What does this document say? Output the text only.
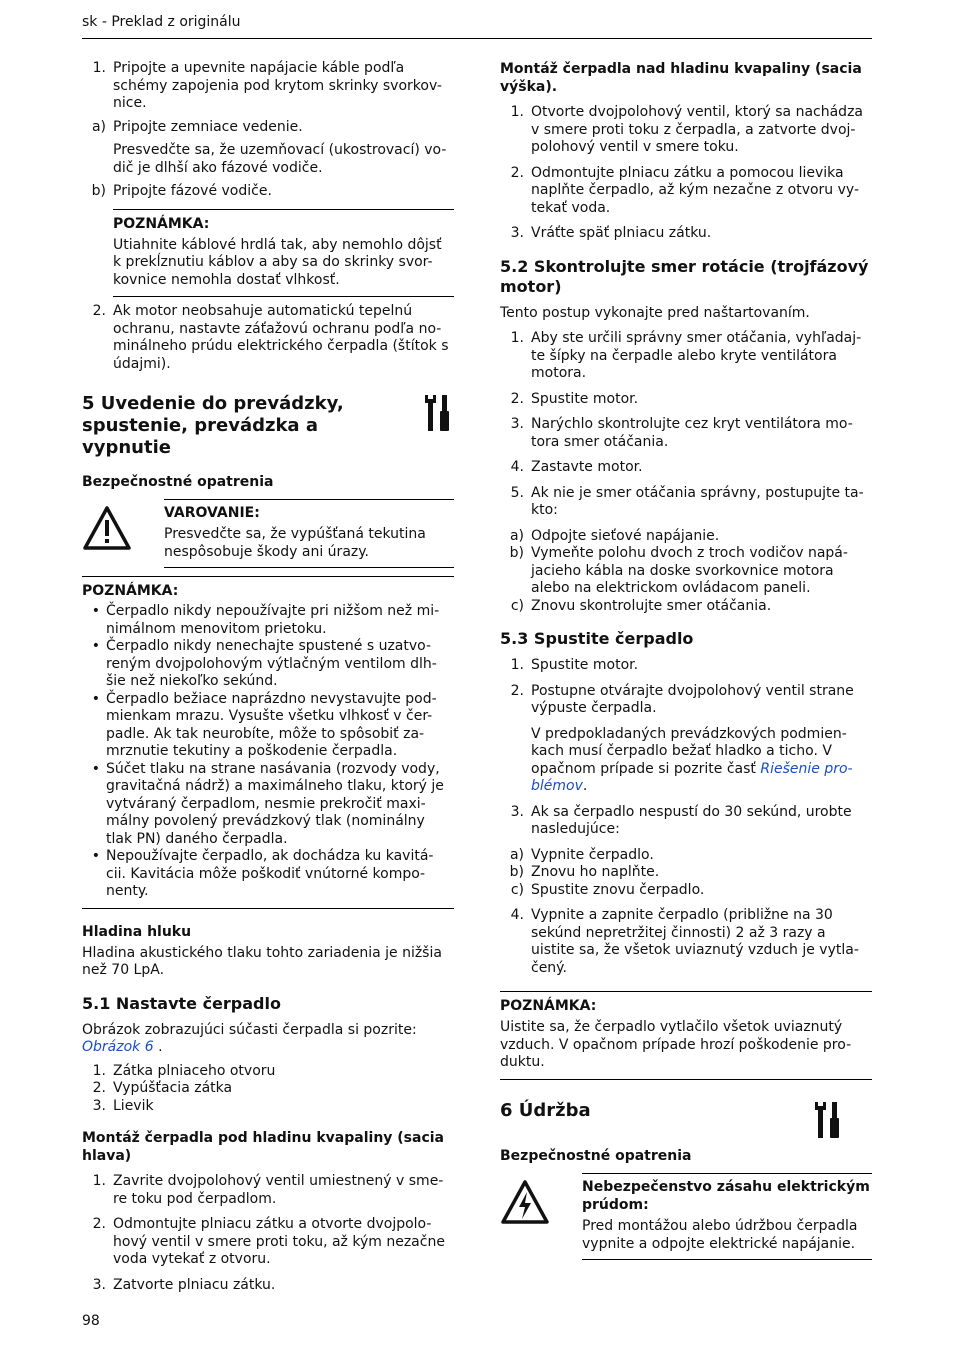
sk - Preklad z originálu
1. Pripojte a upevnite napájacie káble podľa schémy zapojenia pod krytom skrinky svorkov- nice.
a) Pripojte zemniace vedenie.

Presvedčte sa, že uzemňovací (ukostrovací) vo- dič je dlhší ako fázové vodiče.

b) Pripojte fázové vodiče.
POZNÁMKA:

Utiahnite káblové hrdlá tak, aby nemohlo dôjsť k prekĺznutiu káblov a aby sa do skrinky svor- kovnice nemohla dostať vlhkosť.

2. Ak motor neobsahuje automatickú tepelnú ochranu, nastavte záťažovú ochranu podľa no- minálneho prúdu elektrického čerpadla (štítok s údajmi).
5 Uvedenie do prevádzky, spustenie, prevádzka a vypnutie
Bezpečnostné opatrenia
VAROVANIE:

Presvedčte sa, že vypúšťaná tekutina nespôsobuje škody ani úrazy.

POZNÁMKA:
• Čerpadlo nikdy nepoužívajte pri nižšom než mi- nimálnom menovitom prietoku.
• Čerpadlo nikdy nenechajte spustené s uzatvo- reným dvojpolohovým výtlačným ventilom dlh- šie než niekoľko sekúnd.
• Čerpadlo bežiace naprázdno nevystavujte pod- mienkam mrazu. Vysušte všetku vlhkosť v čer- padle. Ak tak neurobíte, môže to spôsobiť za- mrznutie tekutiny a poškodenie čerpadla.
• Súčet tlaku na strane nasávania (rozvody vody, gravitačná nádrž) a maximálneho tlaku, ktorý je vytváraný čerpadlom, nesmie prekročiť maxi- málny povolený prevádzkový tlak (nominálny tlak PN) daného čerpadla.
• Nepoužívajte čerpadlo, ak dochádza ku kavitá- cii. Kavitácia môže poškodiť vnútorné kompo- nenty.
Hladina hluku

Hladina akustického tlaku tohto zariadenia je nižšia než 70 LpA.

5.1 Nastavte čerpadlo

Obrázok zobrazujúci súčasti čerpadla si pozrite: Obrázok 6 .

1. Zátka plniaceho otvoru
2. Vypúšťacia zátka
3. Lievik
Montáž čerpadla pod hladinu kvapaliny (sacia hlava)
1. Zavrite dvojpolohový ventil umiestnený v sme- re toku pod čerpadlom.
2. Odmontujte plniacu zátku a otvorte dvojpolo- hový ventil v smere proti toku, až kým nezačne voda vytekať z otvoru.
3. Zatvorte plniacu zátku.
Montáž čerpadla nad hladinu kvapaliny (sacia výška).
1. Otvorte dvojpolohový ventil, ktorý sa nachádza v smere proti toku z čerpadla, a zatvorte dvoj- polohový ventil v smere toku.
2. Odmontujte plniacu zátku a pomocou lievika naplňte čerpadlo, až kým nezačne z otvoru vy- tekať voda.
3. Vráťte späť plniacu zátku.
5.2 Skontrolujte smer rotácie (trojfázový motor)

Tento postup vykonajte pred naštartovaním.

1. Aby ste určili správny smer otáčania, vyhľadaj- te šípky na čerpadle alebo kryte ventilátora motora.
2. Spustite motor.
3. Narýchlo skontrolujte cez kryt ventilátora mo- tora smer otáčania.
4. Zastavte motor.
5. Ak nie je smer otáčania správny, postupujte ta- kto:
a) Odpojte sieťové napájanie.
b) Vymeňte polohu dvoch z troch vodičov napá- jacieho kábla na doske svorkovnice motora alebo na elektrickom ovládacom paneli.
c) Znovu skontrolujte smer otáčania.
5.3 Spustite čerpadlo
1. Spustite motor.
2. Postupne otvárajte dvojpolohový ventil strane výpuste čerpadla.

V predpokladaných prevádzkových podmien- kach musí čerpadlo bežať hladko a ticho. V opačnom prípade si pozrite časť Riešenie pro- blémov.

3. Ak sa čerpadlo nespustí do 30 sekúnd, urobte nasledujúce:
a) Vypnite čerpadlo.
b) Znovu ho naplňte.
c) Spustite znovu čerpadlo.
4. Vypnite a zapnite čerpadlo (približne na 30 sekúnd nepretržitej činnosti) 2 až 3 razy a uistite sa, že všetok uviaznutý vzduch je vytla- čený.
POZNÁMKA:

Uistite sa, že čerpadlo vytlačilo všetok uviaznutý vzduch. V opačnom prípade hrozí poškodenie pro- duktu.

6 Údržba
Bezpečnostné opatrenia
Nebezpečenstvo zásahu elektrickým prúdom:

Pred montážou alebo údržbou čerpadla vypnite a odpojte elektrické napájanie.

98
